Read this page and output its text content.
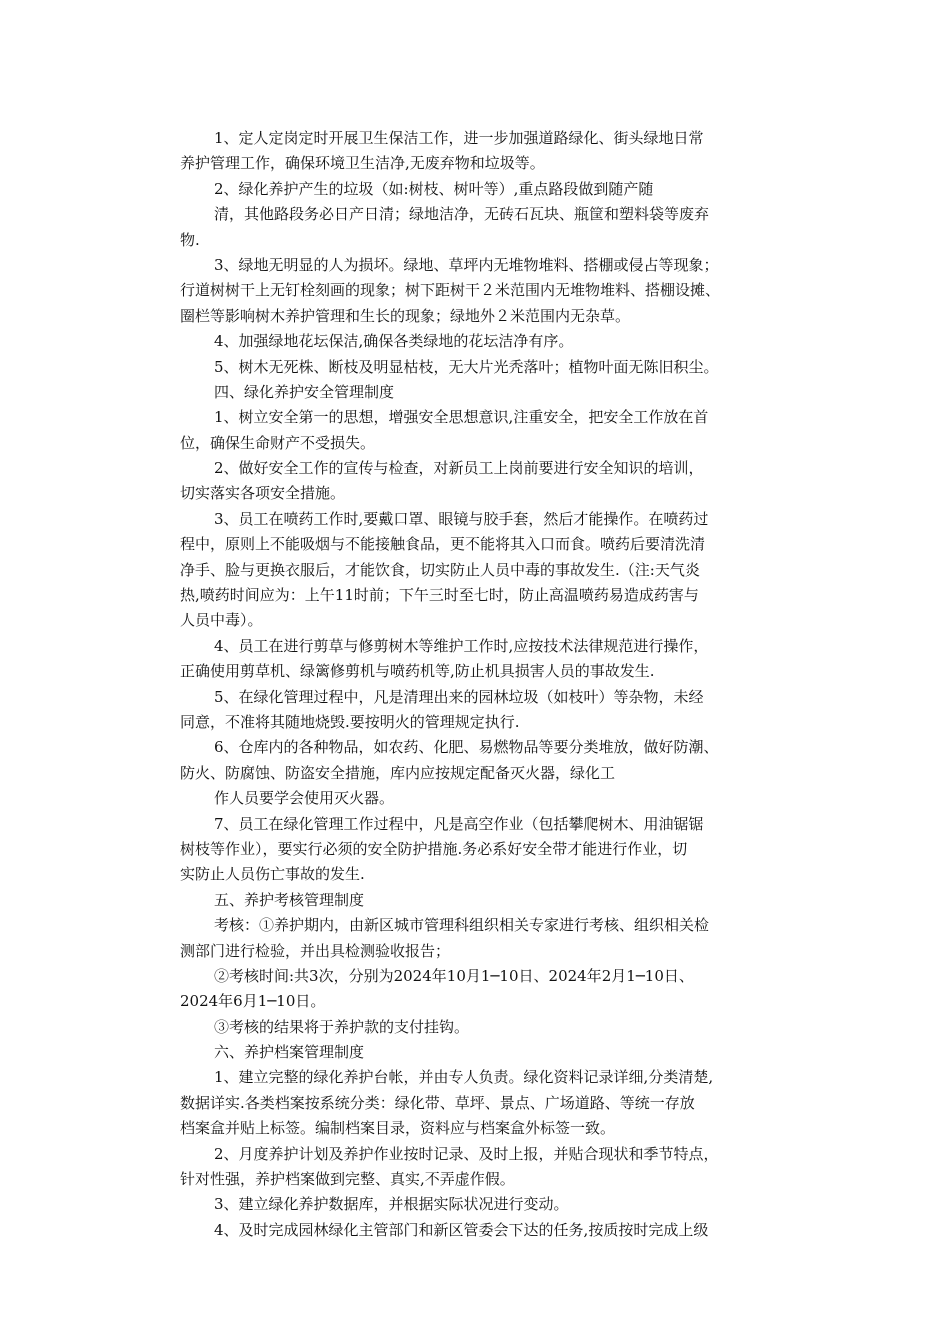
1、定人定岗定时开展卫生保洁工作，进一步加强道路绿化、街头绿地日常
养护管理工作，确保环境卫生洁净,无废弃物和垃圾等。
2、绿化养护产生的垃圾（如:树枝、树叶等）,重点路段做到随产随
清，其他路段务必日产日清；绿地洁净，无砖石瓦块、瓶筐和塑料袋等废弃
物.
3、绿地无明显的人为损坏。绿地、草坪内无堆物堆料、搭棚或侵占等现象；
行道树树干上无钉栓刻画的现象；树下距树干２米范围内无堆物堆料、搭棚设摊、
圈栏等影响树木养护管理和生长的现象；绿地外２米范围内无杂草。
4、加强绿地花坛保洁,确保各类绿地的花坛洁净有序。
5、树木无死株、断枝及明显枯枝，无大片光秃落叶；植物叶面无陈旧积尘。
四、绿化养护安全管理制度
1、树立安全第一的思想，增强安全思想意识,注重安全，把安全工作放在首
位，确保生命财产不受损失。
2、做好安全工作的宣传与检查，对新员工上岗前要进行安全知识的培训，
切实落实各项安全措施。
3、员工在喷药工作时,要戴口罩、眼镜与胶手套，然后才能操作。在喷药过
程中，原则上不能吸烟与不能接触食品，更不能将其入口而食。喷药后要清洗清
净手、脸与更换衣服后，才能饮食，切实防止人员中毒的事故发生.（注:天气炎
热,喷药时间应为：上午11时前；下午三时至七时，防止高温喷药易造成药害与
人员中毒）。
4、员工在进行剪草与修剪树木等维护工作时,应按技术法律规范进行操作，
正确使用剪草机、绿篱修剪机与喷药机等,防止机具损害人员的事故发生.
5、在绿化管理过程中，凡是清理出来的园林垃圾（如枝叶）等杂物，未经
同意，不准将其随地烧毁.要按明火的管理规定执行.
6、仓库内的各种物品，如农药、化肥、易燃物品等要分类堆放，做好防潮、
防火、防腐蚀、防盗安全措施，库内应按规定配备灭火器，绿化工
作人员要学会使用灭火器。
7、员工在绿化管理工作过程中，凡是高空作业（包括攀爬树木、用油锯锯
树枝等作业），要实行必须的安全防护措施.务必系好安全带才能进行作业，切
实防止人员伤亡事故的发生.
五、养护考核管理制度
考核：①养护期内，由新区城市管理科组织相关专家进行考核、组织相关检
测部门进行检验，并出具检测验收报告；
②考核时间:共3次，分别为2024年10月1─10日、2024年2月1─10日、
2024年6月1─10日。
③考核的结果将于养护款的支付挂钩。
六、养护档案管理制度
1、建立完整的绿化养护台帐，并由专人负责。绿化资料记录详细,分类清楚,
数据详实.各类档案按系统分类：绿化带、草坪、景点、广场道路、等统一存放
档案盒并贴上标签。编制档案目录，资料应与档案盒外标签一致。
2、月度养护计划及养护作业按时记录、及时上报，并贴合现状和季节特点，
针对性强，养护档案做到完整、真实,不弄虚作假。
3、建立绿化养护数据库，并根据实际状况进行变动。
4、及时完成园林绿化主管部门和新区管委会下达的任务,按质按时完成上级
